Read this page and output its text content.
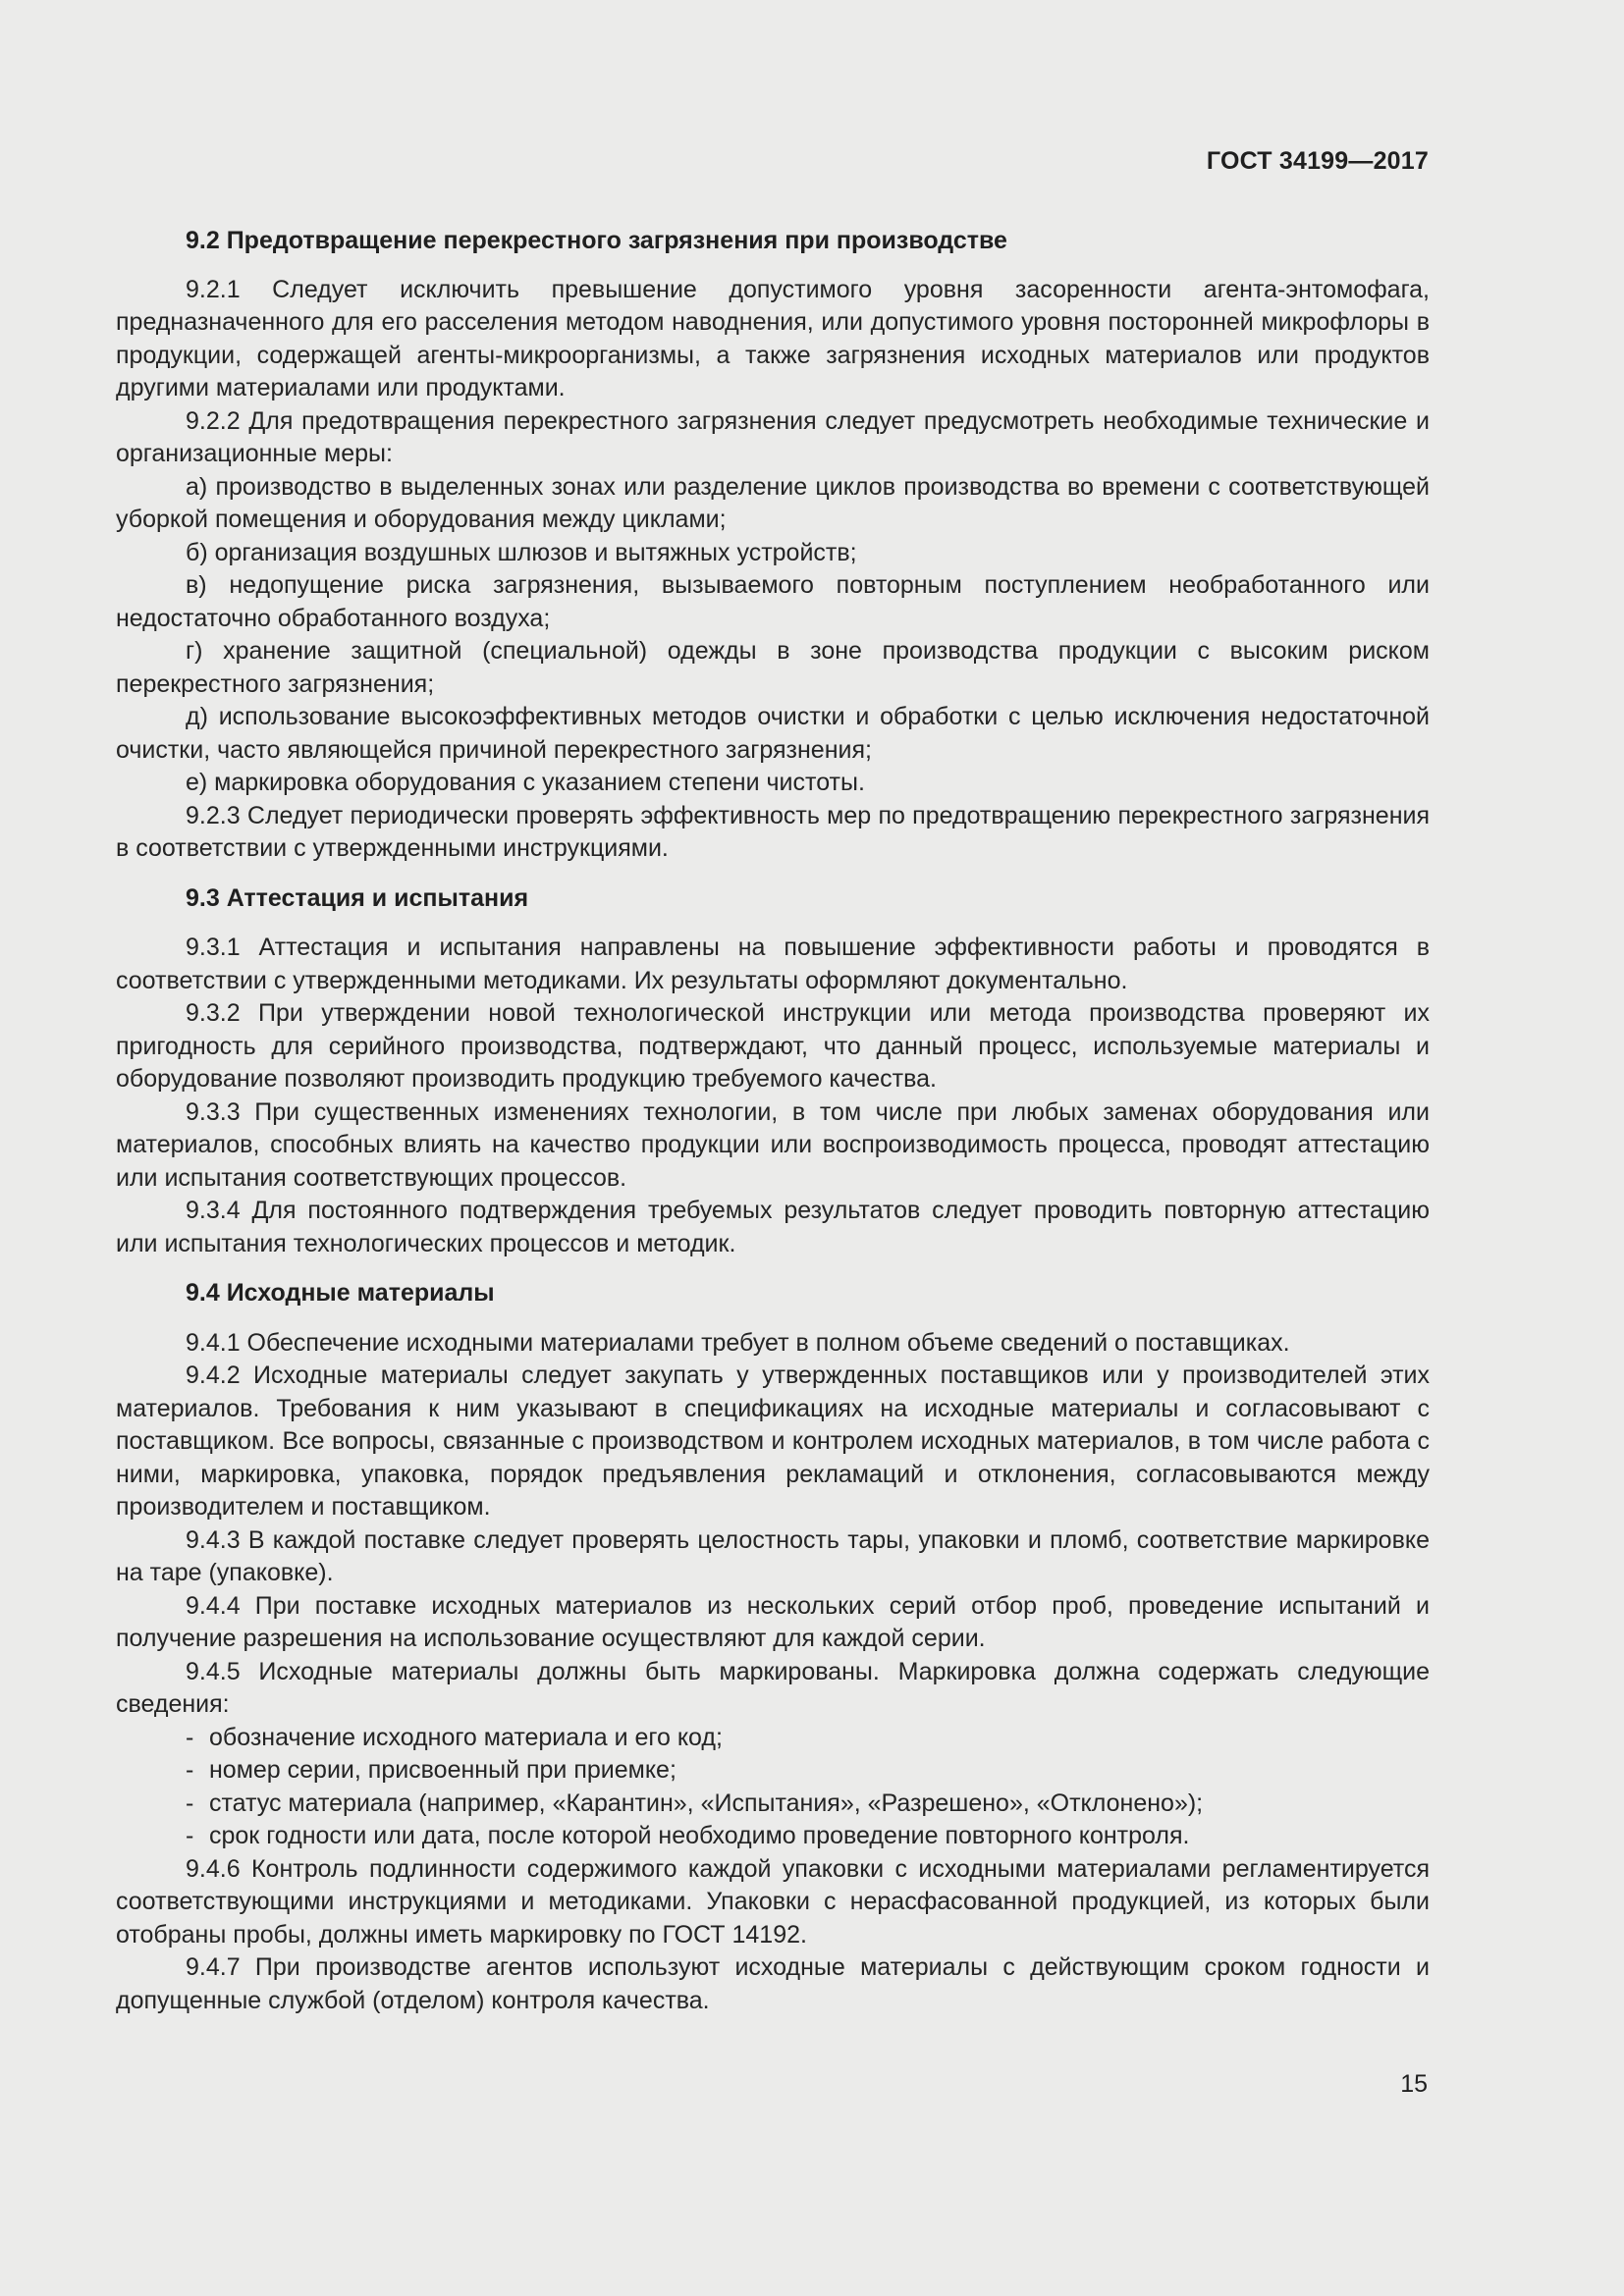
ГОСТ 34199—2017

9.2 Предотвращение перекрестного загрязнения при производстве

9.2.1 Следует исключить превышение допустимого уровня засоренности агента-энтомофага, предназначенного для его расселения методом наводнения, или допустимого уровня посторонней микрофлоры в продукции, содержащей агенты-микроорганизмы, а также загрязнения исходных материалов или продуктов другими материалами или продуктами.

9.2.2 Для предотвращения перекрестного загрязнения следует предусмотреть необходимые технические и организационные меры:

а) производство в выделенных зонах или разделение циклов производства во времени с соответствующей уборкой помещения и оборудования между циклами;

б) организация воздушных шлюзов и вытяжных устройств;

в) недопущение риска загрязнения, вызываемого повторным поступлением необработанного или недостаточно обработанного воздуха;

г) хранение защитной (специальной) одежды в зоне производства продукции с высоким риском перекрестного загрязнения;

д) использование высокоэффективных методов очистки и обработки с целью исключения недостаточной очистки, часто являющейся причиной перекрестного загрязнения;

е) маркировка оборудования с указанием степени чистоты.

9.2.3 Следует периодически проверять эффективность мер по предотвращению перекрестного загрязнения в соответствии с утвержденными инструкциями.

9.3 Аттестация и испытания

9.3.1 Аттестация и испытания направлены на повышение эффективности работы и проводятся в соответствии с утвержденными методиками. Их результаты оформляют документально.

9.3.2 При утверждении новой технологической инструкции или метода производства проверяют их пригодность для серийного производства, подтверждают, что данный процесс, используемые материалы и оборудование позволяют производить продукцию требуемого качества.

9.3.3 При существенных изменениях технологии, в том числе при любых заменах оборудования или материалов, способных влиять на качество продукции или воспроизводимость процесса, проводят аттестацию или испытания соответствующих процессов.

9.3.4 Для постоянного подтверждения требуемых результатов следует проводить повторную аттестацию или испытания технологических процессов и методик.

9.4 Исходные материалы

9.4.1 Обеспечение исходными материалами требует в полном объеме сведений о поставщиках.

9.4.2 Исходные материалы следует закупать у утвержденных поставщиков или у производителей этих материалов. Требования к ним указывают в спецификациях на исходные материалы и согласовывают с поставщиком. Все вопросы, связанные с производством и контролем исходных материалов, в том числе работа с ними, маркировка, упаковка, порядок предъявления рекламаций и отклонения, согласовываются между производителем и поставщиком.

9.4.3 В каждой поставке следует проверять целостность тары, упаковки и пломб, соответствие маркировке на таре (упаковке).

9.4.4 При поставке исходных материалов из нескольких серий отбор проб, проведение испытаний и получение разрешения на использование осуществляют для каждой серии.

9.4.5 Исходные материалы должны быть маркированы. Маркировка должна содержать следующие сведения:

- обозначение исходного материала и его код;

- номер серии, присвоенный при приемке;

- статус материала (например, «Карантин», «Испытания», «Разрешено», «Отклонено»);

- срок годности или дата, после которой необходимо проведение повторного контроля.

9.4.6 Контроль подлинности содержимого каждой упаковки с исходными материалами регламентируется соответствующими инструкциями и методиками. Упаковки с нерасфасованной продукцией, из которых были отобраны пробы, должны иметь маркировку по ГОСТ 14192.

9.4.7 При производстве агентов используют исходные материалы с действующим сроком годности и допущенные службой (отделом) контроля качества.

15
